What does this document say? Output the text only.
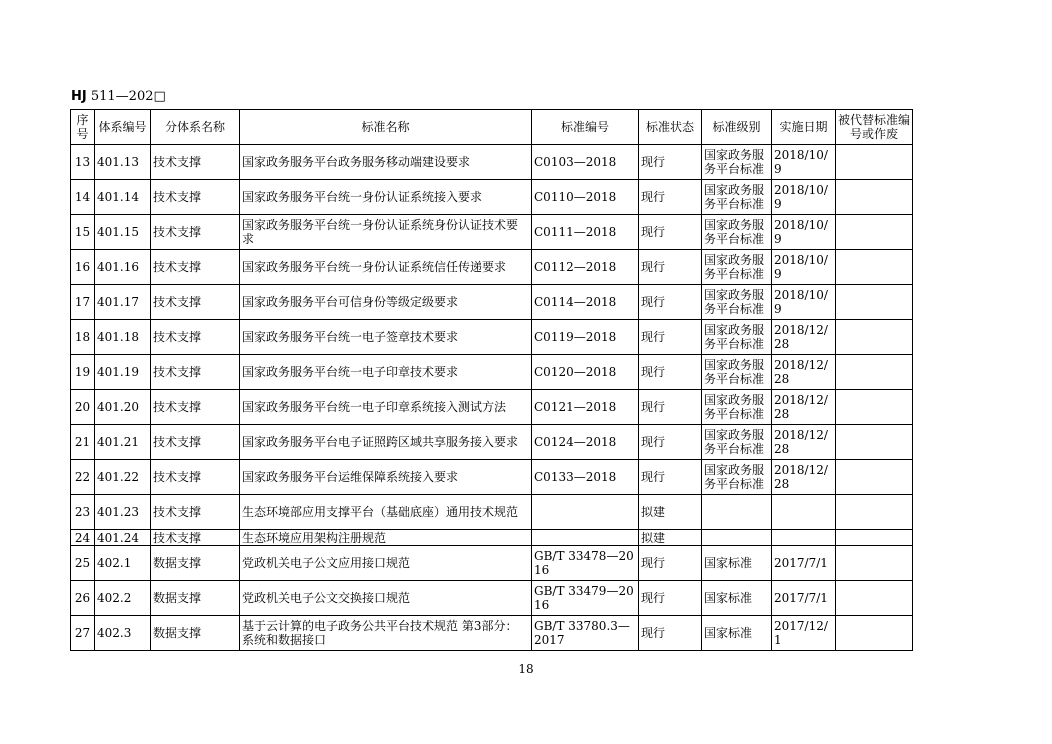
HJ 511—202□
序号	体系编号	分体系名称	标准名称	标准编号	标准状态	标准级别	实施日期	被代替标准编号或作废
13	401.13	技术支撑	国家政务服务平台政务服务移动端建设要求	C0103—2018	现行	国家政务服务平台标准	2018/10/9	
14	401.14	技术支撑	国家政务服务平台统一身份认证系统接入要求	C0110—2018	现行	国家政务服务平台标准	2018/10/9	
15	401.15	技术支撑	国家政务服务平台统一身份认证系统身份认证技术要求	C0111—2018	现行	国家政务服务平台标准	2018/10/9	
16	401.16	技术支撑	国家政务服务平台统一身份认证系统信任传递要求	C0112—2018	现行	国家政务服务平台标准	2018/10/9	
17	401.17	技术支撑	国家政务服务平台可信身份等级定级要求	C0114—2018	现行	国家政务服务平台标准	2018/10/9	
18	401.18	技术支撑	国家政务服务平台统一电子签章技术要求	C0119—2018	现行	国家政务服务平台标准	2018/12/28	
19	401.19	技术支撑	国家政务服务平台统一电子印章技术要求	C0120—2018	现行	国家政务服务平台标准	2018/12/28	
20	401.20	技术支撑	国家政务服务平台统一电子印章系统接入测试方法	C0121—2018	现行	国家政务服务平台标准	2018/12/28	
21	401.21	技术支撑	国家政务服务平台电子证照跨区域共享服务接入要求	C0124—2018	现行	国家政务服务平台标准	2018/12/28	
22	401.22	技术支撑	国家政务服务平台运维保障系统接入要求	C0133—2018	现行	国家政务服务平台标准	2018/12/28	
23	401.23	技术支撑	生态环境部应用支撑平台（基础底座）通用技术规范		拟建			
24	401.24	技术支撑	生态环境应用架构注册规范		拟建			
25	402.1	数据支撑	党政机关电子公文应用接口规范	GB/T 33478—2016	现行	国家标准	2017/7/1	
26	402.2	数据支撑	党政机关电子公文交换接口规范	GB/T 33479—2016	现行	国家标准	2017/7/1	
27	402.3	数据支撑	基于云计算的电子政务公共平台技术规范 第3部分：系统和数据接口	GB/T 33780.3—2017	现行	国家标准	2017/12/1	
18
